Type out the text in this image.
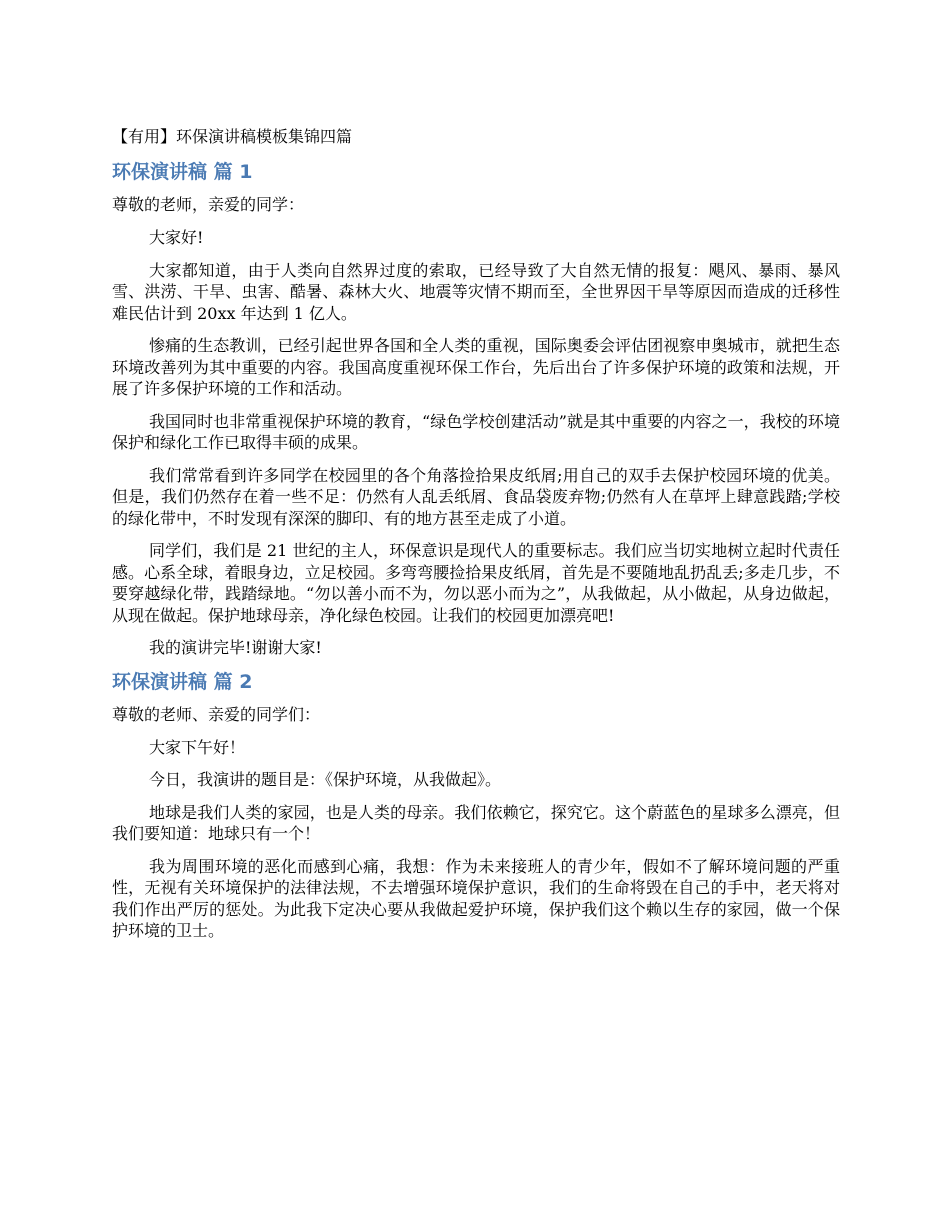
【有用】环保演讲稿模板集锦四篇
环保演讲稿 篇 1
尊敬的老师，亲爱的同学：

大家好!

大家都知道，由于人类向自然界过度的索取，已经导致了大自然无情的报复：飓风、暴雨、暴风雪、洪涝、干旱、虫害、酷暑、森林大火、地震等灾情不期而至，全世界因干旱等原因而造成的迁移性难民估计到 20xx 年达到 1 亿人。

惨痛的生态教训，已经引起世界各国和全人类的重视，国际奥委会评估团视察申奥城市，就把生态环境改善列为其中重要的内容。我国高度重视环保工作台，先后出台了许多保护环境的政策和法规，开展了许多保护环境的工作和活动。

我国同时也非常重视保护环境的教育，“绿色学校创建活动”就是其中重要的内容之一，我校的环境保护和绿化工作已取得丰硕的成果。

我们常常看到许多同学在校园里的各个角落捡拾果皮纸屑;用自己的双手去保护校园环境的优美。但是，我们仍然存在着一些不足：仍然有人乱丢纸屑、食品袋废弃物;仍然有人在草坪上肆意践踏;学校的绿化带中，不时发现有深深的脚印、有的地方甚至走成了小道。

同学们，我们是 21 世纪的主人，环保意识是现代人的重要标志。我们应当切实地树立起时代责任感。心系全球，着眼身边，立足校园。多弯弯腰捡拾果皮纸屑，首先是不要随地乱扔乱丢;多走几步，不要穿越绿化带，践踏绿地。“勿以善小而不为，勿以恶小而为之”，从我做起，从小做起，从身边做起，从现在做起。保护地球母亲，净化绿色校园。让我们的校园更加漂亮吧!

我的演讲完毕!谢谢大家!

环保演讲稿 篇 2
尊敬的老师、亲爱的同学们：

大家下午好！

今日，我演讲的题目是：《保护环境，从我做起》。

地球是我们人类的家园，也是人类的母亲。我们依赖它，探究它。这个蔚蓝色的星球多么漂亮，但我们要知道：地球只有一个！

我为周围环境的恶化而感到心痛，我想：作为未来接班人的青少年，假如不了解环境问题的严重性，无视有关环境保护的法律法规，不去增强环境保护意识，我们的生命将毁在自己的手中，老天将对我们作出严厉的惩处。为此我下定决心要从我做起爱护环境，保护我们这个赖以生存的家园，做一个保护环境的卫士。
